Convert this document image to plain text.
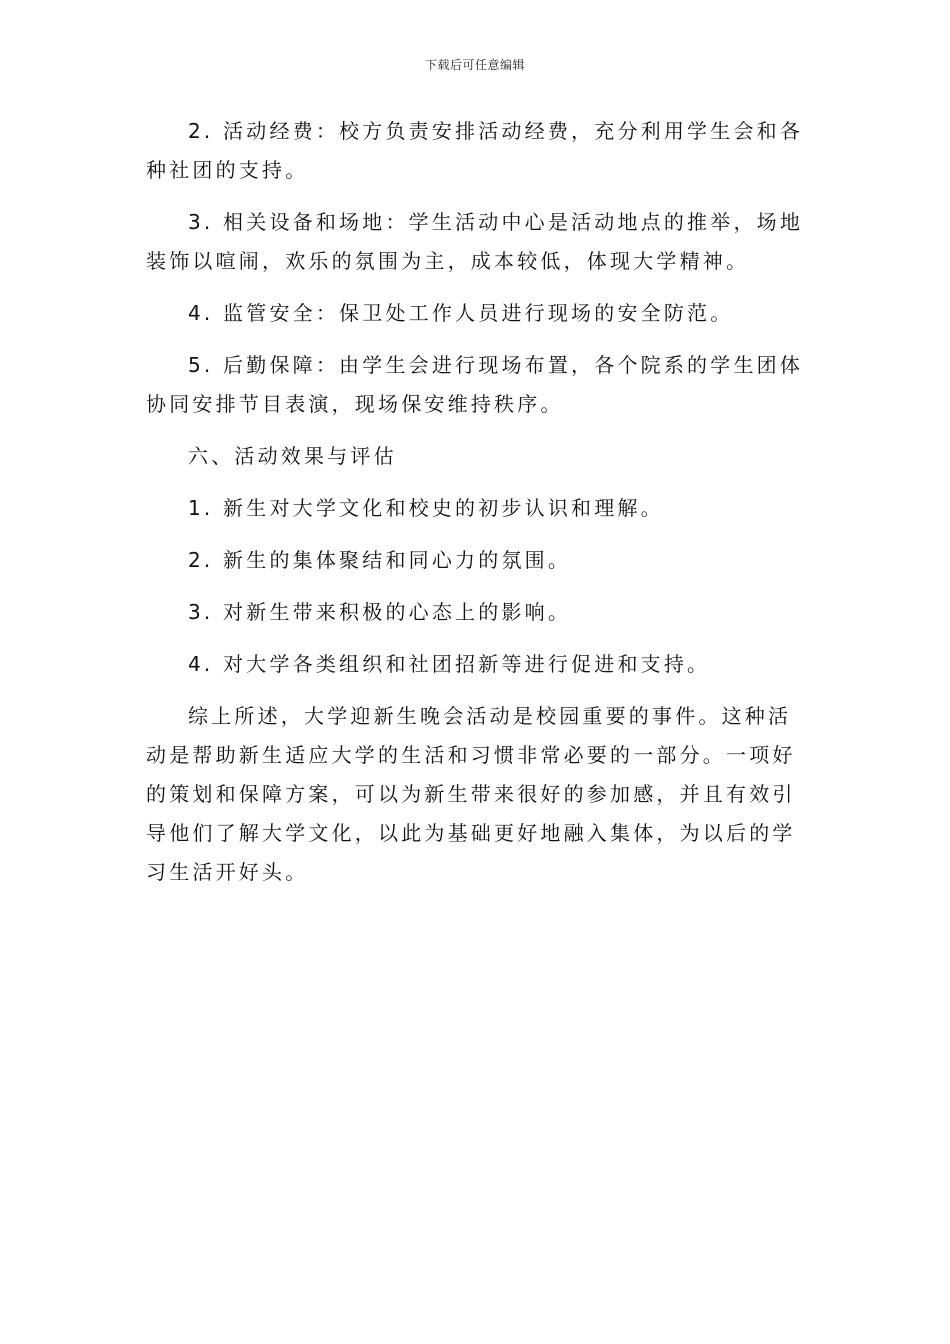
下载后可任意编辑

2. 活动经费：校方负责安排活动经费，充分利用学生会和各种社团的支持。

3. 相关设备和场地：学生活动中心是活动地点的推举，场地装饰以喧闹，欢乐的氛围为主，成本较低，体现大学精神。

4. 监管安全：保卫处工作人员进行现场的安全防范。

5. 后勤保障：由学生会进行现场布置，各个院系的学生团体协同安排节目表演，现场保安维持秩序。

六、活动效果与评估

1. 新生对大学文化和校史的初步认识和理解。

2. 新生的集体聚结和同心力的氛围。

3. 对新生带来积极的心态上的影响。

4. 对大学各类组织和社团招新等进行促进和支持。

综上所述，大学迎新生晚会活动是校园重要的事件。这种活动是帮助新生适应大学的生活和习惯非常必要的一部分。一项好的策划和保障方案，可以为新生带来很好的参加感，并且有效引导他们了解大学文化，以此为基础更好地融入集体，为以后的学习生活开好头。
